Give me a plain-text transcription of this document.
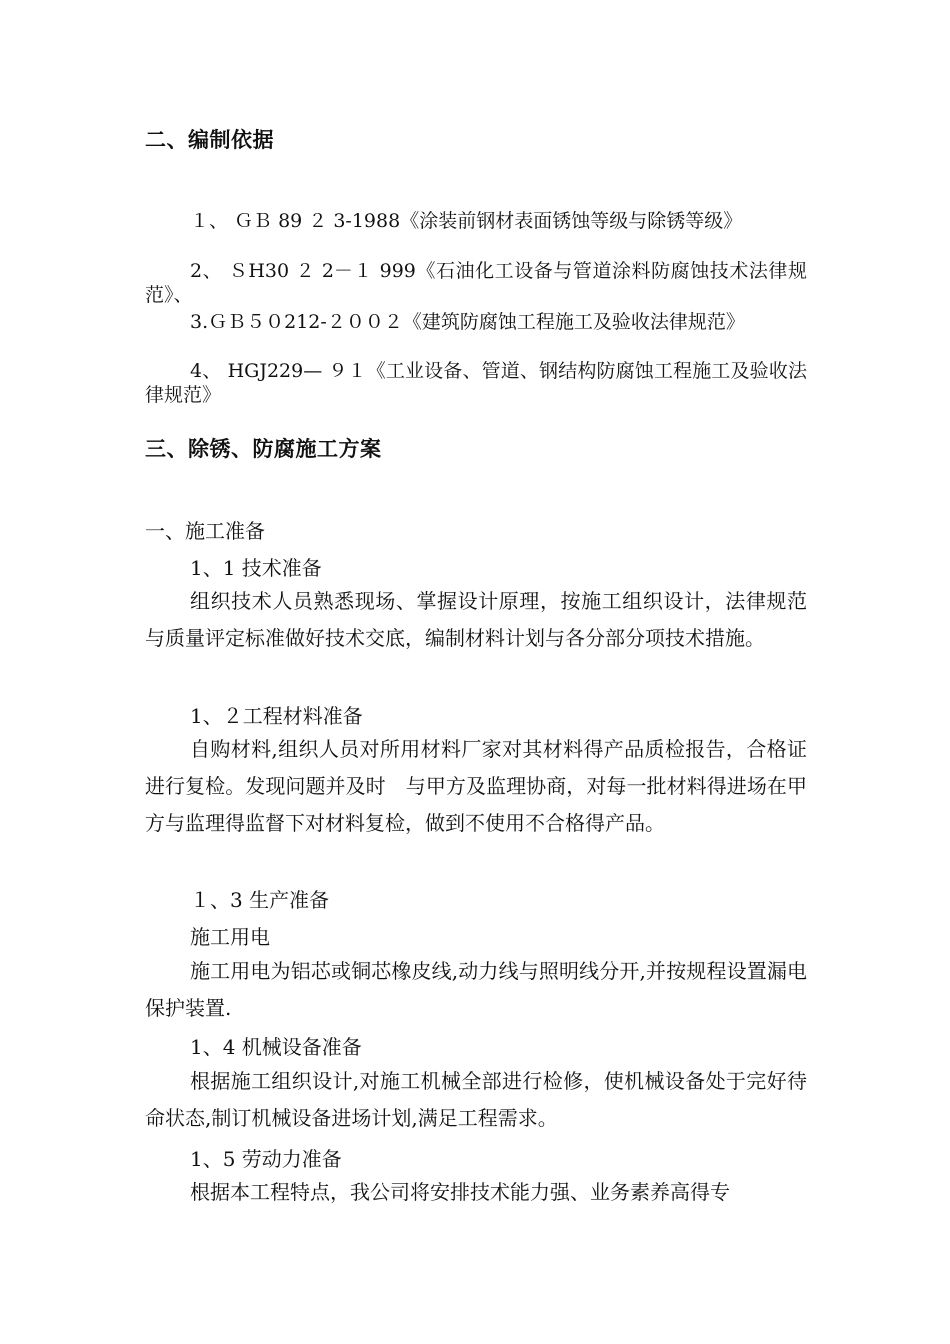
二、编制依据
１、 ＧＢ 89 ２ 3-1988《涂装前钢材表面锈蚀等级与除锈等级》
2、 ＳH30 ２ 2－１ 999《石油化工设备与管道涂料防腐蚀技术法律规范》、
3.ＧＢ５０212-２００２《建筑防腐蚀工程施工及验收法律规范》
4、 HGJ229— ９１《工业设备、管道、钢结构防腐蚀工程施工及验收法律规范》
三、除锈、防腐施工方案
一、施工准备
1、1 技术准备
组织技术人员熟悉现场、掌握设计原理，按施工组织设计，法律规范与质量评定标准做好技术交底，编制材料计划与各分部分项技术措施。
1、２工程材料准备
自购材料,组织人员对所用材料厂家对其材料得产品质检报告，合格证进行复检。发现问题并及时　与甲方及监理协商，对每一批材料得进场在甲方与监理得监督下对材料复检，做到不使用不合格得产品。
１、3 生产准备
施工用电
施工用电为铝芯或铜芯橡皮线,动力线与照明线分开,并按规程设置漏电保护装置.
1、4 机械设备准备
根据施工组织设计,对施工机械全部进行检修，使机械设备处于完好待命状态,制订机械设备进场计划,满足工程需求。
1、5 劳动力准备
根据本工程特点，我公司将安排技术能力强、业务素养高得专
